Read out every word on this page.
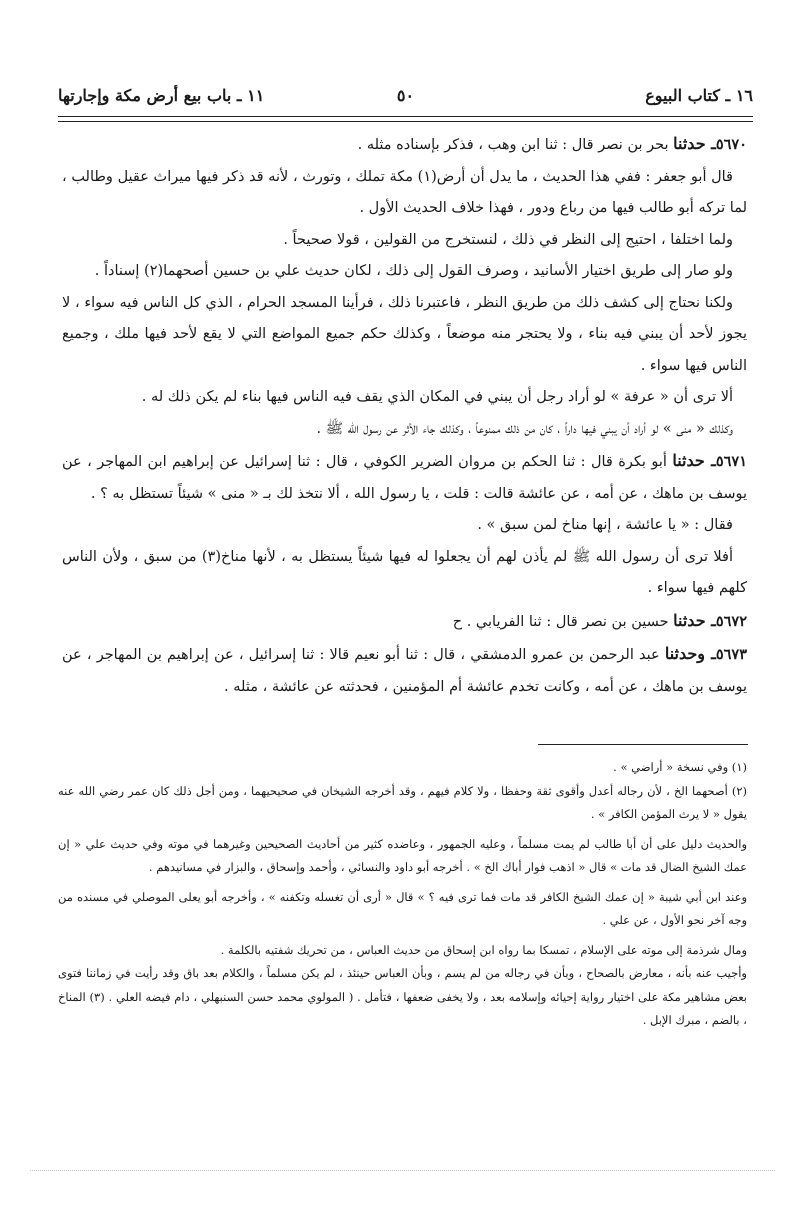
١٦ ـ كتاب البيوع
٥٠
١١ ـ باب بيع أرض مكة وإجارتها

٥٦٧٠ـ حدثنا بحر بن نصر قال : ثنا ابن وهب ، فذكر بإسناده مثله .

قال أبو جعفر : ففي هذا الحديث ، ما يدل أن أرض(١) مكة تملك ، وتورث ، لأنه قد ذكر فيها ميراث عقيل وطالب ، لما تركه أبو طالب فيها من رباع ودور ، فهذا خلاف الحديث الأول .

ولما اختلفا ، احتيج إلى النظر في ذلك ، لنستخرج من القولين ، قولا صحيحاً .

ولو صار إلى طريق اختيار الأسانيد ، وصرف القول إلى ذلك ، لكان حديث علي بن حسين أصحهما(٢) إسناداً .

ولكنا نحتاج إلى كشف ذلك من طريق النظر ، فاعتبرنا ذلك ، فرأينا المسجد الحرام ، الذي كل الناس فيه سواء ، لا يجوز لأحد أن يبني فيه بناء ، ولا يحتجر منه موضعاً ، وكذلك حكم جميع المواضع التي لا يقع لأحد فيها ملك ، وجميع الناس فيها سواء .

ألا ترى أن « عرفة » لو أراد رجل أن يبني في المكان الذي يقف فيه الناس فيها بناء لم يكن ذلك له .

وكذلك « منى » لو أراد أن يبني فيها داراً ، كان من ذلك ممنوعاً ، وكذلك جاء الأثر عن رسول الله ﷺ .

٥٦٧١ـ حدثنا أبو بكرة قال : ثنا الحكم بن مروان الضرير الكوفي ، قال : ثنا إسرائيل عن إبراهيم ابن المهاجر ، عن يوسف بن ماهك ، عن أمه ، عن عائشة قالت : قلت ، يا رسول الله ، ألا نتخذ لك بـ « منى » شيئاً تستظل به ؟ .

فقال : « يا عائشة ، إنها مناخ لمن سبق » .

أفلا ترى أن رسول الله ﷺ لم يأذن لهم أن يجعلوا له فيها شيئاً يستظل به ، لأنها مناخ(٣) من سبق ، ولأن الناس كلهم فيها سواء .

٥٦٧٢ـ حدثنا حسين بن نصر قال : ثنا الفريابي . ح

٥٦٧٣ـ وحدثنا عبد الرحمن بن عمرو الدمشقي ، قال : ثنا أبو نعيم قالا : ثنا إسرائيل ، عن إبراهيم بن المهاجر ، عن يوسف بن ماهك ، عن أمه ، وكانت تخدم عائشة أم المؤمنين ، فحدثته عن عائشة ، مثله .

(١) وفي نسخة « أراضي » .

(٢) أصحهما الخ ، لأن رجاله أعدل وأقوى ثقة وحفظا ، ولا كلام فيهم ، وقد أخرجه الشيخان في صحيحيهما ، ومن أجل ذلك كان عمر رضي الله عنه يقول « لا يرث المؤمن الكافر » .

والحديث دليل على أن أبا طالب لم يمت مسلماً ، وعليه الجمهور ، وعاضده كثير من أحاديث الصحيحين وغيرهما في موته وفي حديث علي « إن عمك الشيخ الضال قد مات » قال « اذهب فوار أباك الخ » . أخرجه أبو داود والنسائي ، وأحمد وإسحاق ، والبزار في مسانيدهم .

وعند ابن أبي شيبة « إن عمك الشيخ الكافر قد مات فما ترى فيه ؟ » قال « أرى أن تغسله وتكفنه » ، وأخرجه أبو يعلى الموصلي في مسنده من وجه آخر نحو الأول ، عن علي .

ومال شرذمة إلى موته على الإسلام ، تمسكا بما رواه ابن إسحاق من حديث العباس ، من تحريك شفتيه بالكلمة .

وأجيب عنه بأنه ، معارض بالصحاح ، وبأن في رجاله من لم يسم ، وبأن العباس حينئذ ، لم يكن مسلماً ، والكلام بعد باق وقد رأيت في زماننا فتوى بعض مشاهير مكة على اختيار رواية إحيائه وإسلامه بعد ، ولا يخفى ضعفها ، فتأمل . ( المولوي محمد حسن السنبهلي ، دام فيضه العلي . (٣) المناخ ، بالضم ، مبرك الإبل .
